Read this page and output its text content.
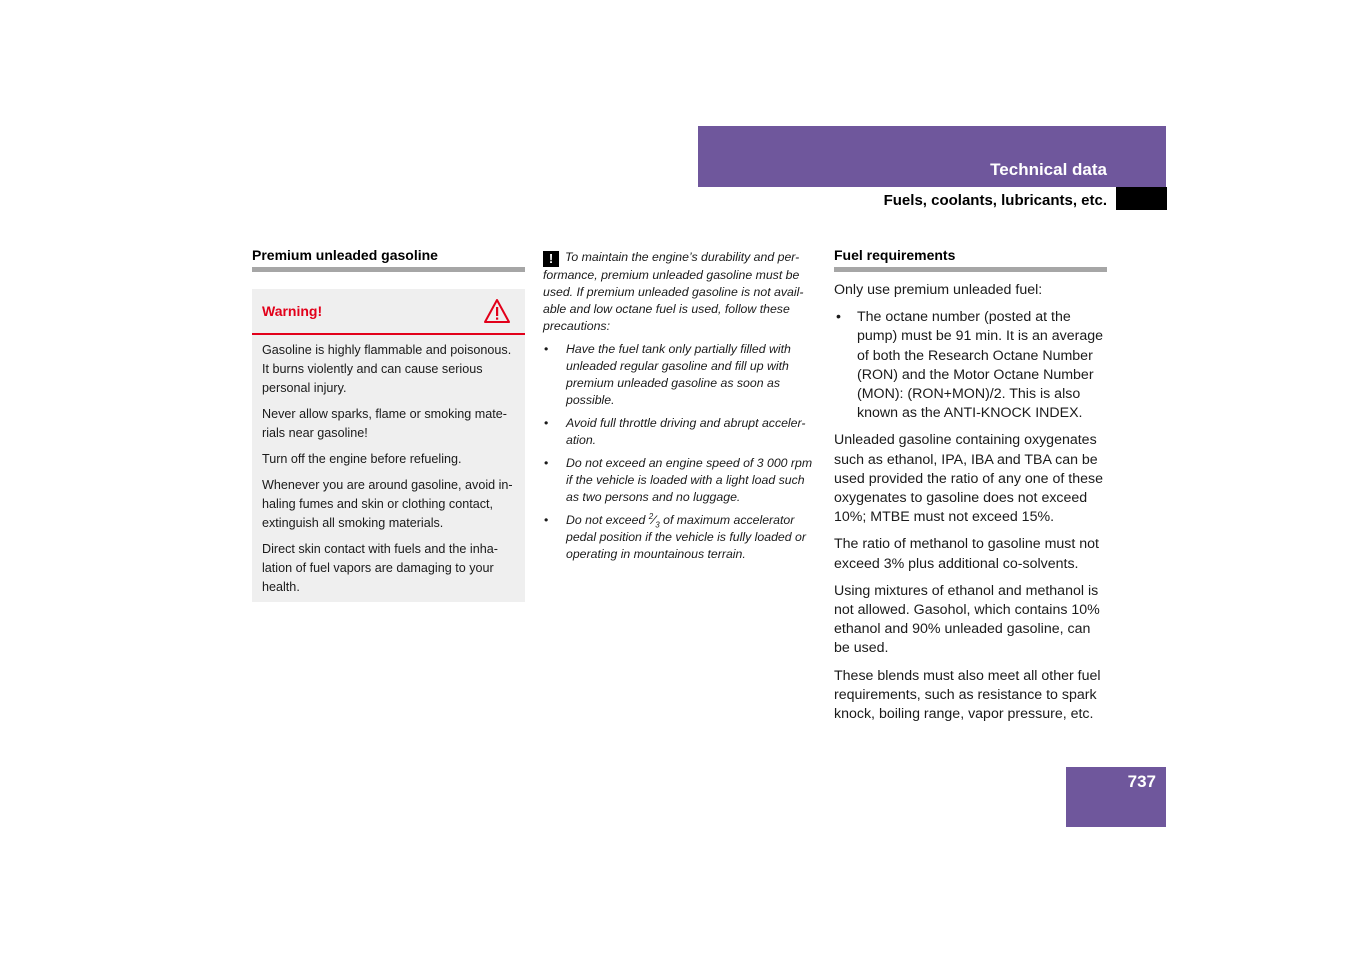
Technical data
Fuels, coolants, lubricants, etc.
Premium unleaded gasoline
Warning!

Gasoline is highly flammable and poisonous. It burns violently and can cause serious personal injury.

Never allow sparks, flame or smoking mate-rials near gasoline!

Turn off the engine before refueling.

Whenever you are around gasoline, avoid in-haling fumes and skin or clothing contact, extinguish all smoking materials.

Direct skin contact with fuels and the inha-lation of fuel vapors are damaging to your health.

! To maintain the engine’s durability and per-formance, premium unleaded gasoline must be used. If premium unleaded gasoline is not avail-able and low octane fuel is used, follow these precautions:

• Have the fuel tank only partially filled with unleaded regular gasoline and fill up with premium unleaded gasoline as soon as possible.
• Avoid full throttle driving and abrupt acceler-ation.
• Do not exceed an engine speed of 3 000 rpm if the vehicle is loaded with a light load such as two persons and no luggage.
• Do not exceed $^2⁄_3$ of maximum accelerator pedal position if the vehicle is fully loaded or operating in mountainous terrain.
Fuel requirements

Only use premium unleaded fuel:

• The octane number (posted at the pump) must be 91 min. It is an average of both the Research Octane Number (RON) and the Motor Octane Number (MON): (RON+MON)/2. This is also known as the ANTI-KNOCK INDEX.

Unleaded gasoline containing oxygenates such as ethanol, IPA, IBA and TBA can be used provided the ratio of any one of these oxygenates to gasoline does not exceed 10%; MTBE must not exceed 15%.

The ratio of methanol to gasoline must not exceed 3% plus additional co-solvents.

Using mixtures of ethanol and methanol is not allowed. Gasohol, which contains 10% ethanol and 90% unleaded gasoline, can be used.

These blends must also meet all other fuel requirements, such as resistance to spark knock, boiling range, vapor pressure, etc.

737
